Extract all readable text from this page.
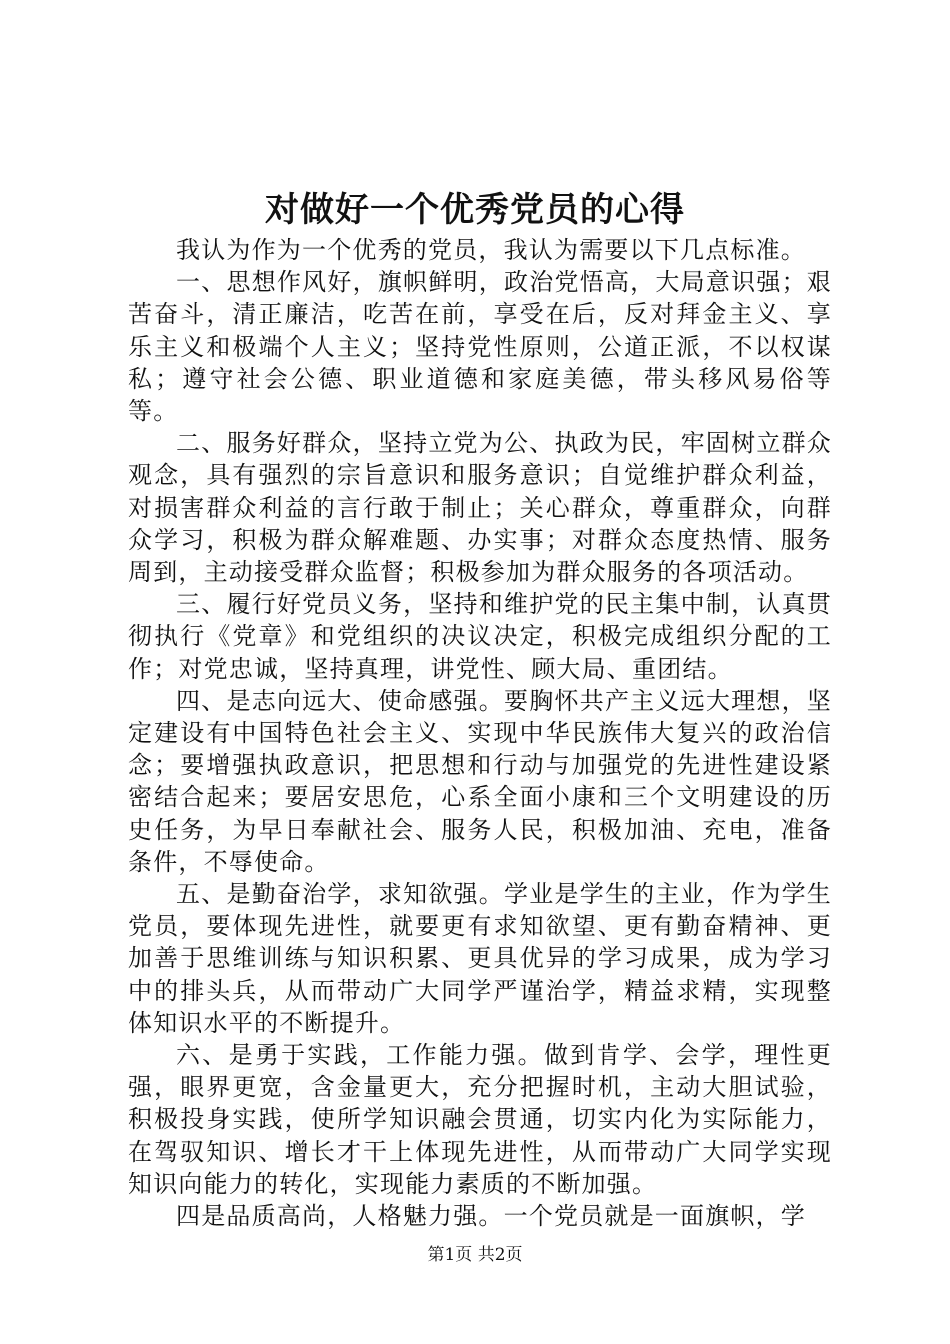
对做好一个优秀党员的心得

我认为作为一个优秀的党员，我认为需要以下几点标准。

一、思想作风好，旗帜鲜明，政治党悟高，大局意识强；艰苦奋斗，清正廉洁，吃苦在前，享受在后，反对拜金主义、享乐主义和极端个人主义；坚持党性原则，公道正派，不以权谋私；遵守社会公德、职业道德和家庭美德，带头移风易俗等等。

二、服务好群众，坚持立党为公、执政为民，牢固树立群众观念，具有强烈的宗旨意识和服务意识；自觉维护群众利益，对损害群众利益的言行敢于制止；关心群众，尊重群众，向群众学习，积极为群众解难题、办实事；对群众态度热情、服务周到，主动接受群众监督；积极参加为群众服务的各项活动。

三、履行好党员义务，坚持和维护党的民主集中制，认真贯彻执行《党章》和党组织的决议决定，积极完成组织分配的工作；对党忠诚，坚持真理，讲党性、顾大局、重团结。

四、是志向远大、使命感强。要胸怀共产主义远大理想，坚定建设有中国特色社会主义、实现中华民族伟大复兴的政治信念；要增强执政意识，把思想和行动与加强党的先进性建设紧密结合起来；要居安思危，心系全面小康和三个文明建设的历史任务，为早日奉献社会、服务人民，积极加油、充电，准备条件，不辱使命。

五、是勤奋治学，求知欲强。学业是学生的主业，作为学生党员，要体现先进性，就要更有求知欲望、更有勤奋精神、更加善于思维训练与知识积累、更具优异的学习成果，成为学习中的排头兵，从而带动广大同学严谨治学，精益求精，实现整体知识水平的不断提升。

六、是勇于实践，工作能力强。做到肯学、会学，理性更强，眼界更宽，含金量更大，充分把握时机，主动大胆试验，积极投身实践，使所学知识融会贯通，切实内化为实际能力，在驾驭知识、增长才干上体现先进性，从而带动广大同学实现知识向能力的转化，实现能力素质的不断加强。

四是品质高尚，人格魅力强。一个党员就是一面旗帜，学

第1页 共2页
